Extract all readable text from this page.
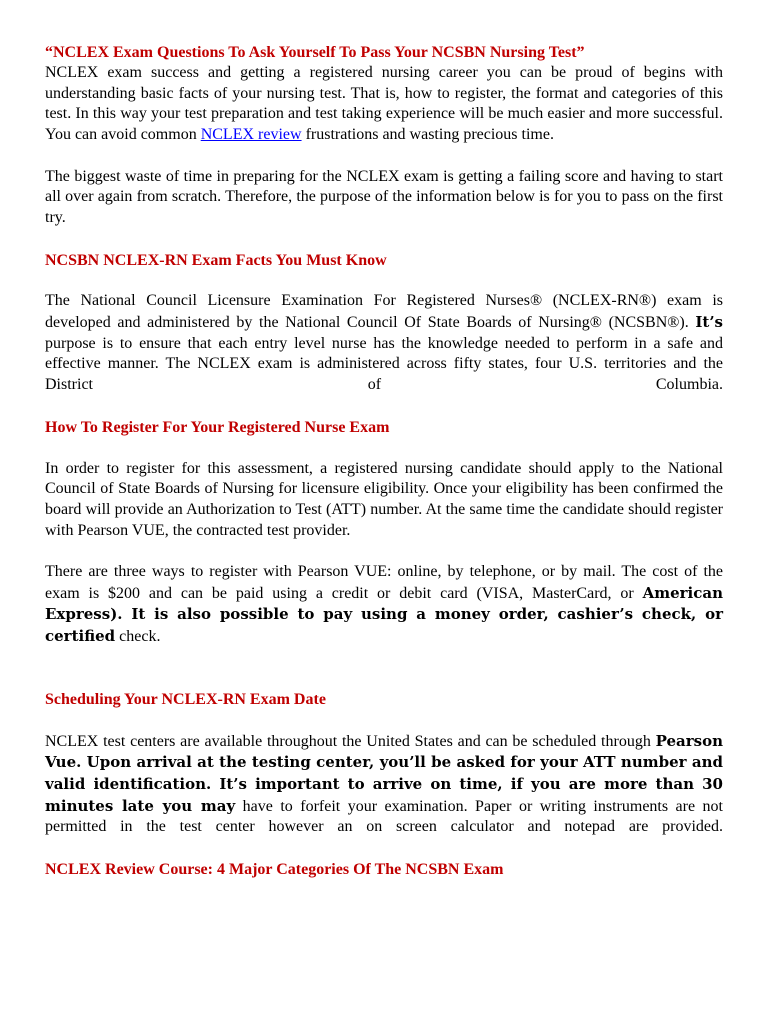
“NCLEX Exam Questions To Ask Yourself To Pass Your NCSBN Nursing Test”

NCLEX exam success and getting a registered nursing career you can be proud of begins with understanding basic facts of your nursing test. That is, how to register, the format and categories of this test. In this way your test preparation and test taking experience will be much easier and more successful. You can avoid common NCLEX review frustrations and wasting precious time.

The biggest waste of time in preparing for the NCLEX exam is getting a failing score and having to start all over again from scratch. Therefore, the purpose of the information below is for you to pass on the first try.

NCSBN NCLEX-RN Exam Facts You Must Know

The National Council Licensure Examination For Registered Nurses® (NCLEX-RN®) exam is developed and administered by the National Council Of State Boards of Nursing® (NCSBN®). It’s purpose is to ensure that each entry level nurse has the knowledge needed to perform in a safe and effective manner. The NCLEX exam is administered across fifty states, four U.S. territories and the District of Columbia.

How To Register For Your Registered Nurse Exam

In order to register for this assessment, a registered nursing candidate should apply to the National Council of State Boards of Nursing for licensure eligibility. Once your eligibility has been confirmed the board will provide an Authorization to Test (ATT) number. At the same time the candidate should register with Pearson VUE, the contracted test provider.

There are three ways to register with Pearson VUE: online, by telephone, or by mail. The cost of the exam is $200 and can be paid using a credit or debit card (VISA, MasterCard, or American Express). It is also possible to pay using a money order, cashier’s check, or certified check.

Scheduling Your NCLEX-RN Exam Date

NCLEX test centers are available throughout the United States and can be scheduled through Pearson Vue. Upon arrival at the testing center, you’ll be asked for your ATT number and valid identification. It’s important to arrive on time, if you are more than 30 minutes late you may have to forfeit your examination. Paper or writing instruments are not permitted in the test center however an on screen calculator and notepad are provided.

NCLEX Review Course: 4 Major Categories Of The NCSBN Exam
